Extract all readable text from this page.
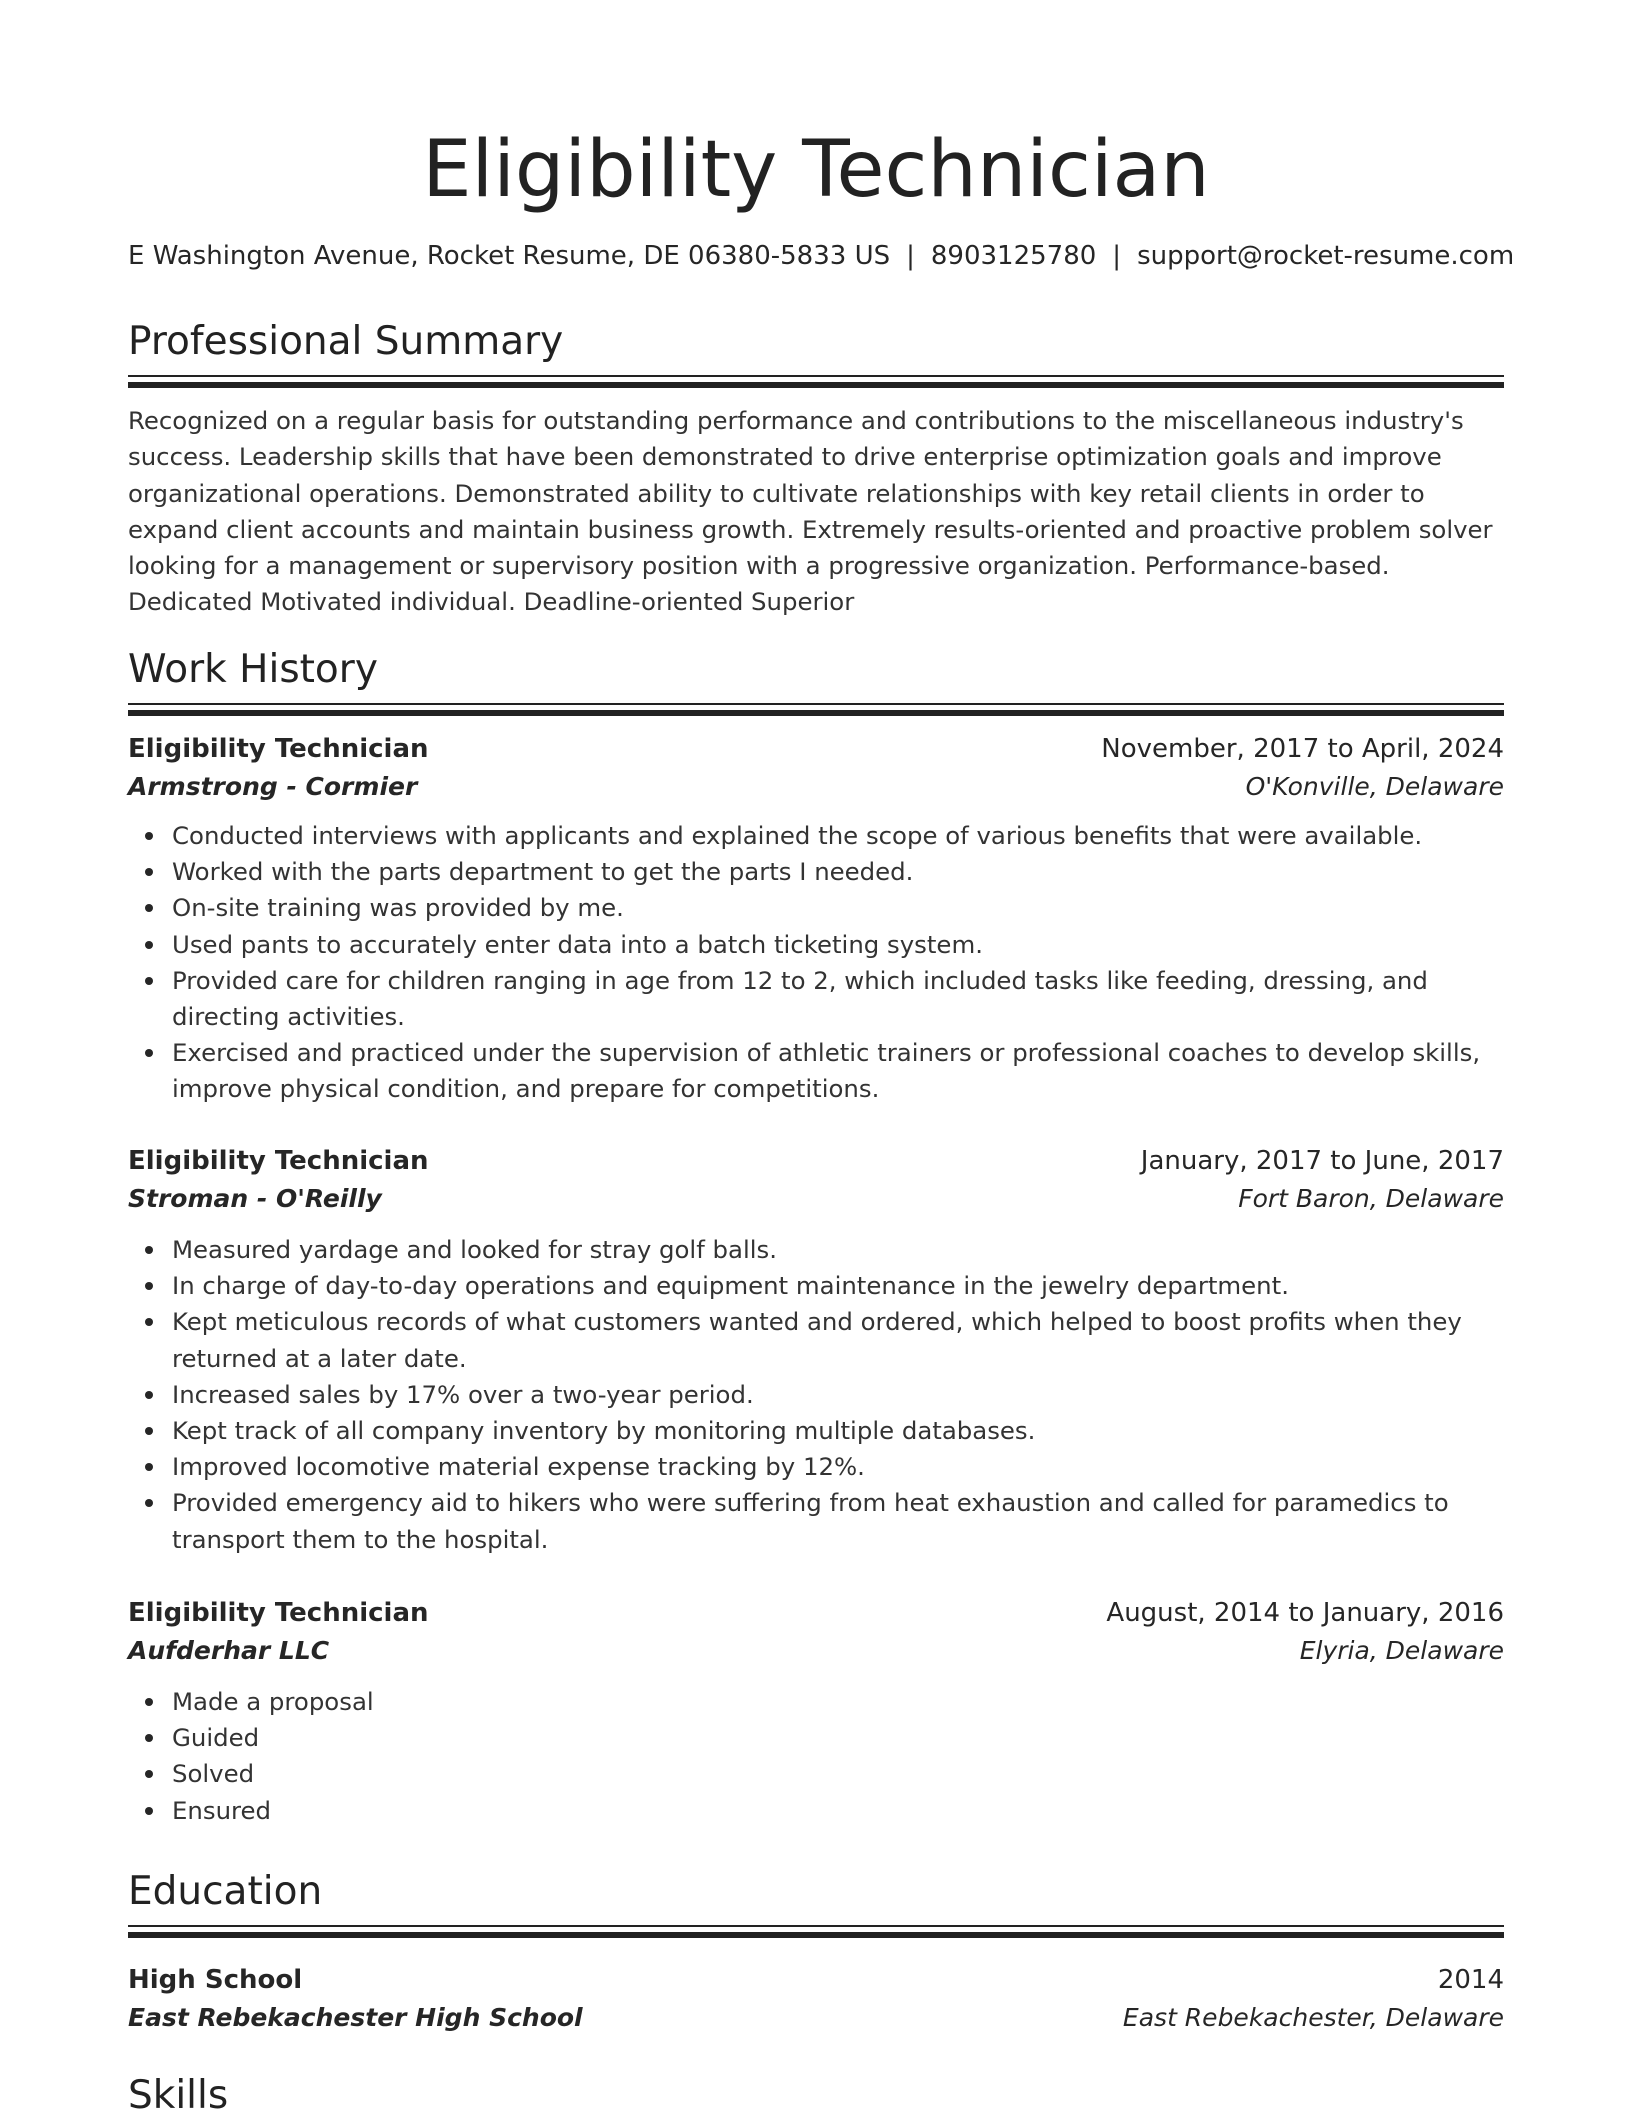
Eligibility Technician
E Washington Avenue, Rocket Resume, DE 06380-5833 US | 8903125780 | support@rocket-resume.com
Professional Summary

Recognized on a regular basis for outstanding performance and contributions to the miscellaneous industry's success. Leadership skills that have been demonstrated to drive enterprise optimization goals and improve organizational operations. Demonstrated ability to cultivate relationships with key retail clients in order to expand client accounts and maintain business growth. Extremely results-oriented and proactive problem solver looking for a management or supervisory position with a progressive organization. Performance-based. Dedicated Motivated individual. Deadline-oriented Superior

Work History
Eligibility Technician	November, 2017 to April, 2024
Armstrong - Cormier	O'Konville, Delaware
Conducted interviews with applicants and explained the scope of various benefits that were available.
Worked with the parts department to get the parts I needed.
On-site training was provided by me.
Used pants to accurately enter data into a batch ticketing system.
Provided care for children ranging in age from 12 to 2, which included tasks like feeding, dressing, and directing activities.
Exercised and practiced under the supervision of athletic trainers or professional coaches to develop skills, improve physical condition, and prepare for competitions.
Eligibility Technician	January, 2017 to June, 2017
Stroman - O'Reilly	Fort Baron, Delaware
Measured yardage and looked for stray golf balls.
In charge of day-to-day operations and equipment maintenance in the jewelry department.
Kept meticulous records of what customers wanted and ordered, which helped to boost profits when they returned at a later date.
Increased sales by 17% over a two-year period.
Kept track of all company inventory by monitoring multiple databases.
Improved locomotive material expense tracking by 12%.
Provided emergency aid to hikers who were suffering from heat exhaustion and called for paramedics to transport them to the hospital.
Eligibility Technician	August, 2014 to January, 2016
Aufderhar LLC	Elyria, Delaware
Made a proposal
Guided
Solved
Ensured
Education
High School	2014
East Rebekachester High School	East Rebekachester, Delaware
Skills
